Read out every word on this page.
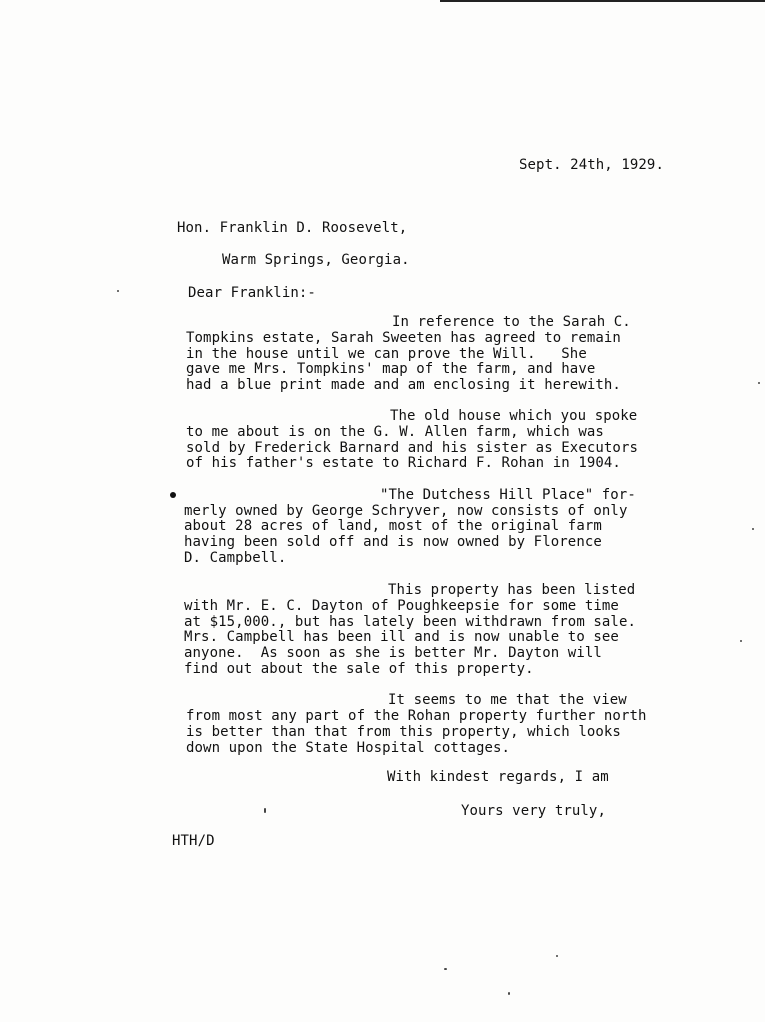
Sept. 24th, 1929.
Hon. Franklin D. Roosevelt,
Warm Springs, Georgia.
Dear Franklin:-
In reference to the Sarah C.
Tompkins estate, Sarah Sweeten has agreed to remain
in the house until we can prove the Will.   She
gave me Mrs. Tompkins' map of the farm, and have
had a blue print made and am enclosing it herewith.
The old house which you spoke
to me about is on the G. W. Allen farm, which was
sold by Frederick Barnard and his sister as Executors
of his father's estate to Richard F. Rohan in 1904.
"The Dutchess Hill Place" for-
merly owned by George Schryver, now consists of only
about 28 acres of land, most of the original farm
having been sold off and is now owned by Florence
D. Campbell.
This property has been listed
with Mr. E. C. Dayton of Poughkeepsie for some time
at $15,000., but has lately been withdrawn from sale.
Mrs. Campbell has been ill and is now unable to see
anyone.  As soon as she is better Mr. Dayton will
find out about the sale of this property.
It seems to me that the view
from most any part of the Rohan property further north
is better than that from this property, which looks
down upon the State Hospital cottages.
With kindest regards, I am
Yours very truly,
HTH/D
